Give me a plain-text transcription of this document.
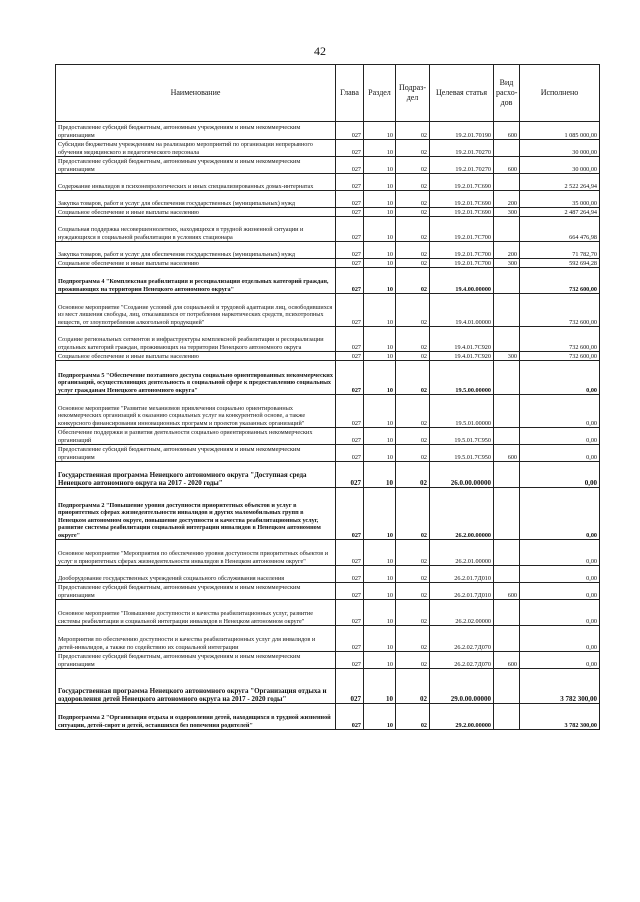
42
Наименование	Глава	Раздел	Подраз-дел	Целевая статья	Вид расхо-дов	Исполнено
Предоставление субсидий бюджетным, автономным учреждениям и иным некоммерческим организациям	027	10	02	19.2.01.70190	600	1 085 000,00
Субсидии бюджетным учреждениям на реализацию мероприятий по организации непрерывного обучения медицинского и педагогического персонала	027	10	02	19.2.01.70270		30 000,00
Предоставление субсидий бюджетным, автономным учреждениям и иным некоммерческим организациям	027	10	02	19.2.01.70270	600	30 000,00
Содержание инвалидов в психоневрологических и иных специализированных домах-интернатах	027	10	02	19.2.01.7С690		2 522 264,94
Закупка товаров, работ и услуг для обеспечения государственных (муниципальных) нужд	027	10	02	19.2.01.7С690	200	35 000,00
Социальное обеспечение и иные выплаты населению	027	10	02	19.2.01.7С690	300	2 487 264,94
Социальная поддержка несовершеннолетних, находящихся в трудной жизненной ситуации и нуждающихся в социальной реабилитации в условиях стационара	027	10	02	19.2.01.7С700		664 476,98
Закупка товаров, работ и услуг для обеспечения государственных (муниципальных) нужд	027	10	02	19.2.01.7С700	200	71 782,70
Социальное обеспечение и иные выплаты населению	027	10	02	19.2.01.7С700	300	592 694,28
Подпрограмма 4 "Комплексная реабилитация и ресоциализация отдельных категорий граждан, проживающих на территории Ненецкого автономного округа"	027	10	02	19.4.00.00000		732 600,00
Основное мероприятие "Создание условий для социальной и трудовой адаптации лиц, освободившихся из мест лишения свободы, лиц, отказавшихся от потребления наркотических средств, психотропных веществ, от злоупотребления алкогольной продукцией"	027	10	02	19.4.01.00000		732 600,00
Создание региональных сегментов и инфраструктуры комплексной реабилитации и ресоциализации отдельных категорий граждан, проживающих на территории Ненецкого автономного округа	027	10	02	19.4.01.7С920		732 600,00
Социальное обеспечение и иные выплаты населению	027	10	02	19.4.01.7С920	300	732 600,00
Подпрограмма 5 "Обеспечение поэтапного доступа социально ориентированных некоммерческих организаций, осуществляющих деятельность в социальной сфере к предоставлению социальных услуг гражданам Ненецкого автономного округа"	027	10	02	19.5.00.00000		0,00
Основное мероприятие "Развитие механизмов привлечения социально ориентированных некоммерческих организаций к оказанию социальных услуг на конкурентной основе, а также конкурсного финансирования инновационных программ и проектов указанных организаций"	027	10	02	19.5.01.00000		0,00
Обеспечение поддержки и развития деятельности социально ориентированных некоммерческих организаций	027	10	02	19.5.01.7С950		0,00
Предоставление субсидий бюджетным, автономным учреждениям и иным некоммерческим организациям	027	10	02	19.5.01.7С950	600	0,00
Государственная программа Ненецкого автономного округа "Доступная среда Ненецкого автономного округа на 2017 - 2020 годы"	027	10	02	26.0.00.00000		0,00
Подпрограмма 2 "Повышение уровня доступности приоритетных объектов и услуг в приоритетных сферах жизнедеятельности инвалидов и других маломобильных групп в Ненецком автономном округе, повышение доступности и качества реабилитационных услуг, развитие системы реабилитации социальной интеграции инвалидов в Ненецком автономном округе"	027	10	02	26.2.00.00000		0,00
Основное мероприятие "Мероприятия по обеспечению уровня доступности приоритетных объектов и услуг в приоритетных сферах жизнедеятельности инвалидов в Ненецком автономном округе"	027	10	02	26.2.01.00000		0,00
Дооборудование государственных учреждений социального обслуживания населения	027	10	02	26.2.01.7Д010		0,00
Предоставление субсидий бюджетным, автономным учреждениям и иным некоммерческим организациям	027	10	02	26.2.01.7Д010	600	0,00
Основное мероприятие "Повышение доступности и качества реабилитационных услуг, развитие системы реабилитации и социальной интеграции инвалидов в Ненецком автономном округе"	027	10	02	26.2.02.00000		0,00
Мероприятия по обеспечению доступности и качества реабилитационных услуг для инвалидов и детей-инвалидов, а также по содействию их социальной интеграции	027	10	02	26.2.02.7Д070		0,00
Предоставление субсидий бюджетным, автономным учреждениям и иным некоммерческим организациям	027	10	02	26.2.02.7Д070	600	0,00
Государственная программа Ненецкого автономного округа "Организация отдыха и оздоровления детей Ненецкого автономного округа на 2017 - 2020 годы"	027	10	02	29.0.00.00000		3 782 300,00
Подпрограмма 2 "Организация отдыха и оздоровления детей, находящихся в трудной жизненной ситуации, детей-сирот и детей, оставшихся без попечения родителей"	027	10	02	29.2.00.00000		3 782 300,00
